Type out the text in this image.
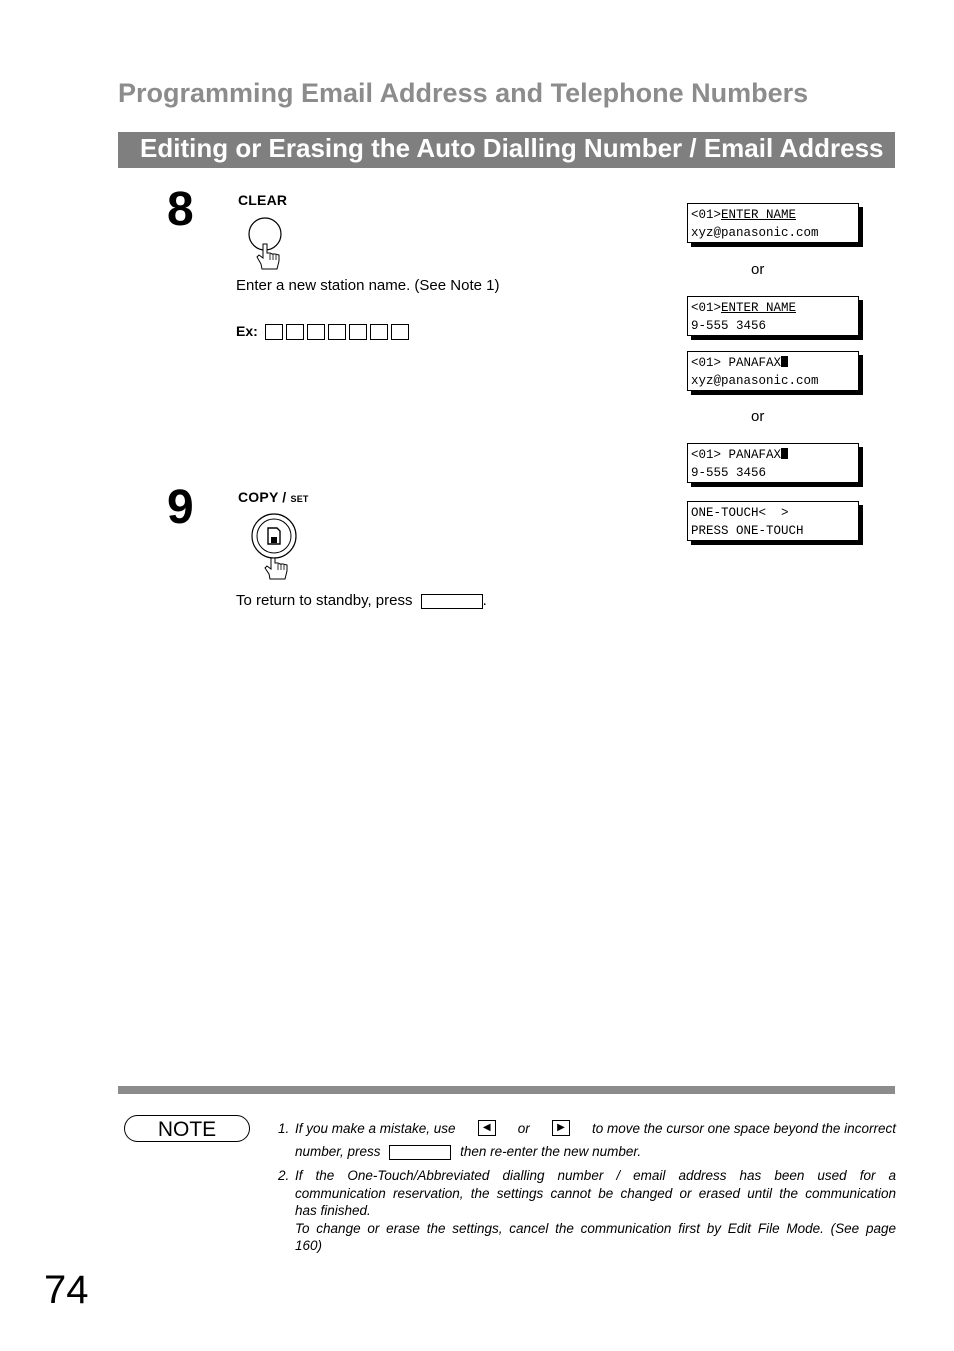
Programming Email Address and Telephone Numbers
Editing or Erasing the Auto Dialling Number / Email Address
8	CLEAR
Enter a new station name. (See Note 1)
Ex:
9	COPY / SET
To return to standby, press	.
<01>ENTER NAME
xyz@panasonic.com
or
<01>ENTER NAME
9-555 3456
<01> PANAFAX
xyz@panasonic.com
or
<01> PANAFAX
9-555 3456
ONE-TOUCH<  >
PRESS ONE-TOUCH
NOTE	1. If you make a mistake, use	◀	or	▶	to move the cursor one space beyond the incorrect
number, press	then re-enter the new number.
2. If the One-Touch/Abbreviated dialling number / email address has been used for a
communication reservation, the settings cannot be changed or erased until the communication
has finished.
To change or erase the settings, cancel the communication first by Edit File Mode. (See page
160)
74
